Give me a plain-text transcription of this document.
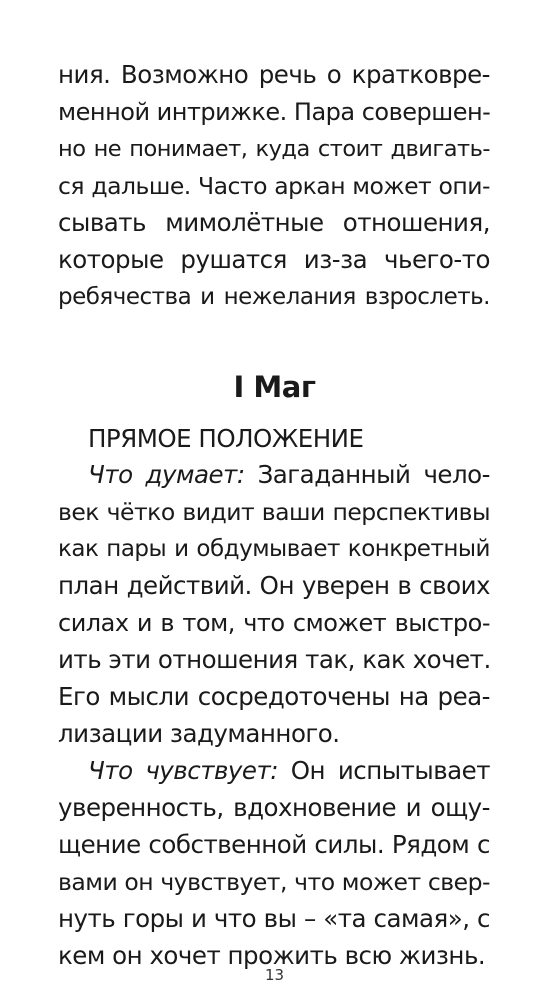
ния. Возможно речь о кратковре-
менной интрижке. Пара совершен-
но не понимает, куда стоит двигать-
ся дальше. Часто аркан может опи-
сывать мимолётные отношения,
которые рушатся из-за чьего-то
ребячества и нежелания взрослеть.
I Маг
ПРЯМОЕ ПОЛОЖЕНИЕ
Что думает: Загаданный чело-
век чётко видит ваши перспективы
как пары и обдумывает конкретный
план действий. Он уверен в своих
силах и в том, что сможет выстро-
ить эти отношения так, как хочет.
Его мысли сосредоточены на реа-
лизации задуманного.
Что чувствует: Он испытывает
уверенность, вдохновение и ощу-
щение собственной силы. Рядом с
вами он чувствует, что может свер-
нуть горы и что вы – «та самая», с
кем он хочет прожить всю жизнь.
13
